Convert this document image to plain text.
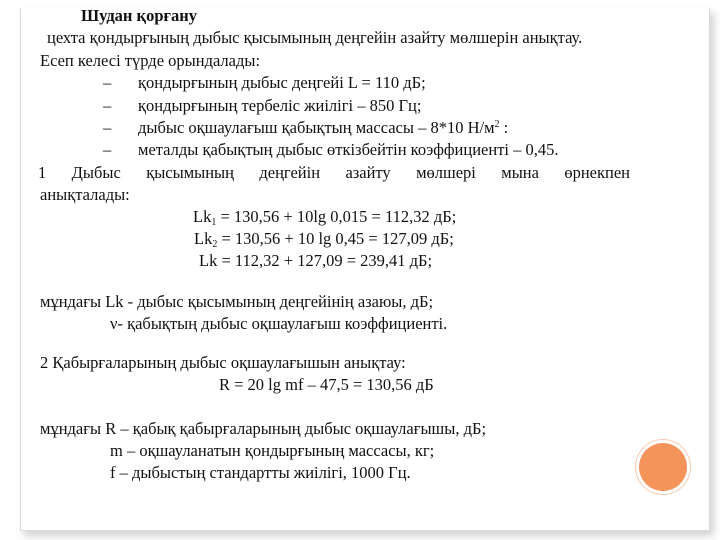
Шудан қорғану
цехта қондырғының дыбыс қысымының деңгейін азайту мөлшерін анықтау.
Есеп келесі түрде орындалады:
– қондырғының дыбыс деңгейі L = 110 дБ;
– қондырғының тербеліс жиілігі – 850 Гц;
– дыбыс оқшаулағыш қабықтың массасы – 8*10 $Н/м^2$ :
– металды қабықтың дыбыс өткізбейтін коэффициенті – 0,45.
1 Дыбыс қысымының деңгейін азайту мөлшері мына өрнекпен
анықталады:
$Lk_1 = 130,56 + 10\lg$ 0,015 = 112,32 дБ;
$Lk_2 = 130,56 + 10$ lg 0,45 = 127,09 дБ;
Lk = 112,32 + 127,09 = 239,41 дБ;
мұндағы Lk - дыбыс қысымының деңгейінің азаюы, дБ;
ν- қабықтың дыбыс оқшаулағыш коэффициенті.
2 Қабырғаларының дыбыс оқшаулағышын анықтау:
R = 20 lg mf – 47,5 = 130,56 дБ
мұндағы R – қабық қабырғаларының дыбыс оқшаулағышы, дБ;
m – оқшауланатын қондырғының массасы, кг;
f – дыбыстың стандартты жиілігі, 1000 Гц.
